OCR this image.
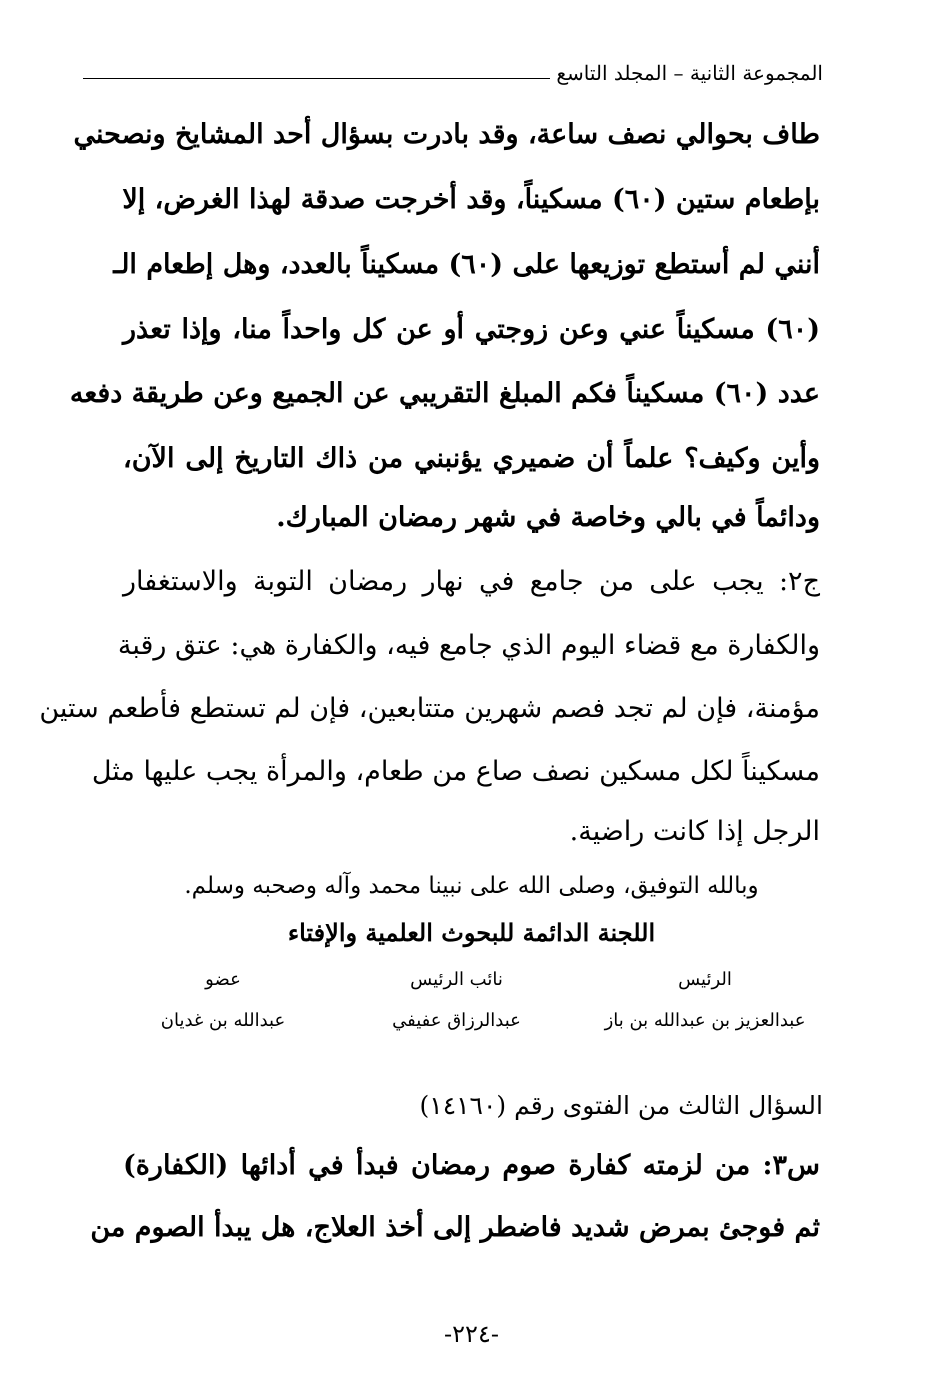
المجموعة الثانية – المجلد التاسع
طاف بحوالي نصف ساعة، وقد بادرت بسؤال أحد المشايخ ونصحني
بإطعام ستين (٦٠) مسكيناً، وقد أخرجت صدقة لهذا الغرض، إلا
أنني لم أستطع توزيعها على (٦٠) مسكيناً بالعدد، وهل إطعام الـ
(٦٠) مسكيناً عني وعن زوجتي أو عن كل واحداً منا، وإذا تعذر
عدد (٦٠) مسكيناً فكم المبلغ التقريبي عن الجميع وعن طريقة دفعه
وأين وكيف؟ علماً أن ضميري يؤنبني من ذاك التاريخ إلى الآن،
ودائماً في بالي وخاصة في شهر رمضان المبارك.
ج٢: يجب على من جامع في نهار رمضان التوبة والاستغفار
والكفارة مع قضاء اليوم الذي جامع فيه، والكفارة هي: عتق رقبة
مؤمنة، فإن لم تجد فصم شهرين متتابعين، فإن لم تستطع فأطعم ستين
مسكيناً لكل مسكين نصف صاع من طعام، والمرأة يجب عليها مثل
الرجل إذا كانت راضية.
وبالله التوفيق، وصلى الله على نبينا محمد وآله وصحبه وسلم.
اللجنة الدائمة للبحوث العلمية والإفتاء
الرئيس
نائب الرئيس
عضو
عبدالعزيز بن عبدالله بن باز
عبدالرزاق عفيفي
عبدالله بن غديان
السؤال الثالث من الفتوى رقم (١٤١٦٠)
س٣: من لزمته كفارة صوم رمضان فبدأ في أدائها (الكفارة)
ثم فوجئ بمرض شديد فاضطر إلى أخذ العلاج، هل يبدأ الصوم من
-٢٢٤-
